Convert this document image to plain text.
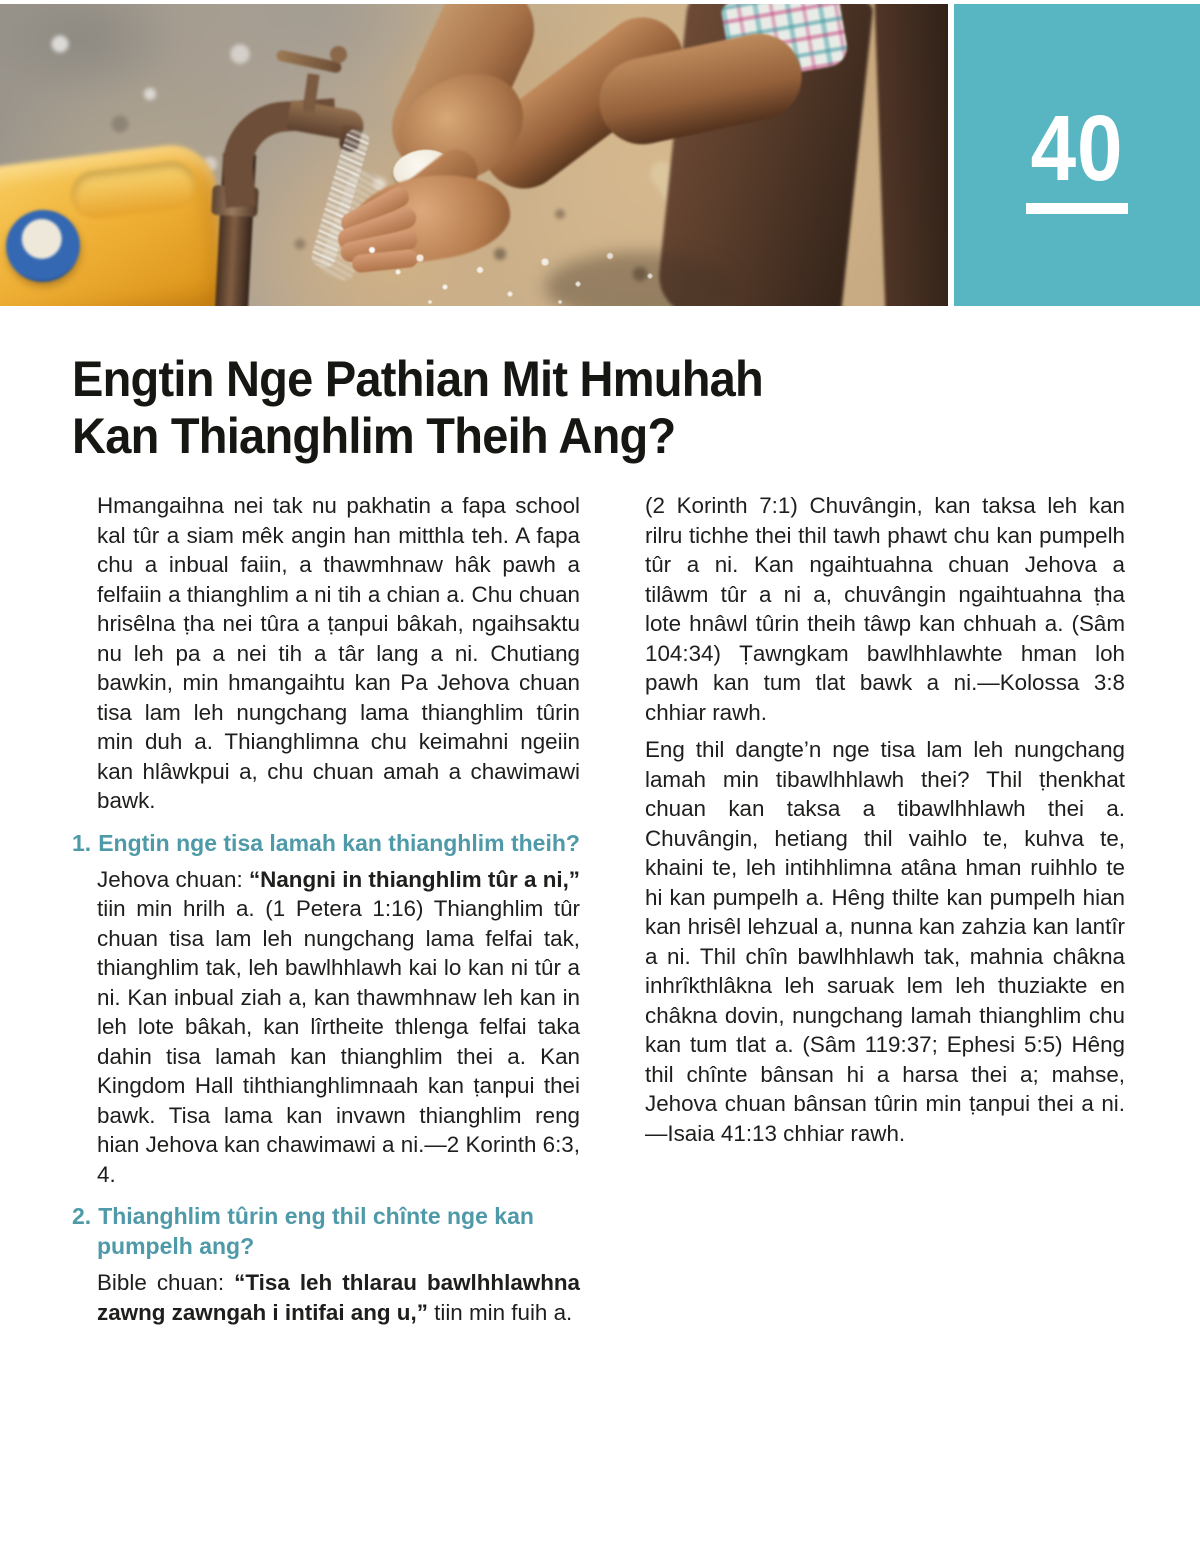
40
Engtin Nge Pathian Mit Hmuhah
Kan Thianghlim Theih Ang?

Hmangaihna nei tak nu pakhatin a fapa school kal tûr a siam mêk angin han mitthla teh. A fapa chu a inbual faiin, a thawmhnaw hâk pawh a felfaiin a thianghlim a ni tih a chian a. Chu chuan hrisêlna ṭha nei tûra a ṭanpui bâkah, ngaihsaktu nu leh pa a nei tih a târ lang a ni. Chutiang bawkin, min hmangaihtu kan Pa Jehova chuan tisa lam leh nungchang lama thianghlim tûrin min duh a. Thianghlimna chu keimahni ngeiin kan hlâwkpui a, chu chuan amah a chawimawi bawk.

1. Engtin nge tisa lamah kan thianghlim theih?

Jehova chuan: “Nangni in thianghlim tûr a ni,” tiin min hrilh a. (1 Petera 1:16) Thianghlim tûr chuan tisa lam leh nungchang lama felfai tak, thianghlim tak, leh bawlhhlawh kai lo kan ni tûr a ni. Kan inbual ziah a, kan thawmhnaw leh kan in leh lote bâkah, kan lîrtheite thlenga felfai taka dahin tisa lamah kan thianghlim thei a. Kan Kingdom Hall tihthianghlimnaah kan ṭanpui thei bawk. Tisa lama kan invawn thianghlim reng hian Jehova kan chawimawi a ni.—2 Korinth 6:3, 4.

2. Thianghlim tûrin eng thil chînte nge kan pumpelh ang?

Bible chuan: “Tisa leh thlarau bawlhhlawhna zawng zawngah i intifai ang u,” tiin min fuih a.

(2 Korinth 7:1) Chuvângin, kan taksa leh kan rilru tichhe thei thil tawh phawt chu kan pumpelh tûr a ni. Kan ngaihtuahna chuan Jehova a tilâwm tûr a ni a, chuvângin ngaihtuahna ṭha lote hnâwl tûrin theih tâwp kan chhuah a. (Sâm 104:34) Ṭawngkam bawlhhlawhte hman loh pawh kan tum tlat bawk a ni.—Kolossa 3:8 chhiar rawh.

Eng thil dangte’n nge tisa lam leh nungchang lamah min tibawlhhlawh thei? Thil ṭhenkhat chuan kan taksa a tibawlhhlawh thei a. Chuvângin, hetiang thil vaihlo te, kuhva te, khaini te, leh intihhlimna atâna hman ruihhlo te hi kan pumpelh a. Hêng thilte kan pumpelh hian kan hrisêl lehzual a, nunna kan zahzia kan lantîr a ni. Thil chîn bawlhhlawh tak, mahnia châkna inhrîkthlâkna leh saruak lem leh thuziakte en châkna dovin, nungchang lamah thianghlim chu kan tum tlat a. (Sâm 119:37; Ephesi 5:5) Hêng thil chînte bânsan hi a harsa thei a; mahse, Jehova chuan bânsan tûrin min ṭanpui thei a ni.—Isaia 41:13 chhiar rawh.
